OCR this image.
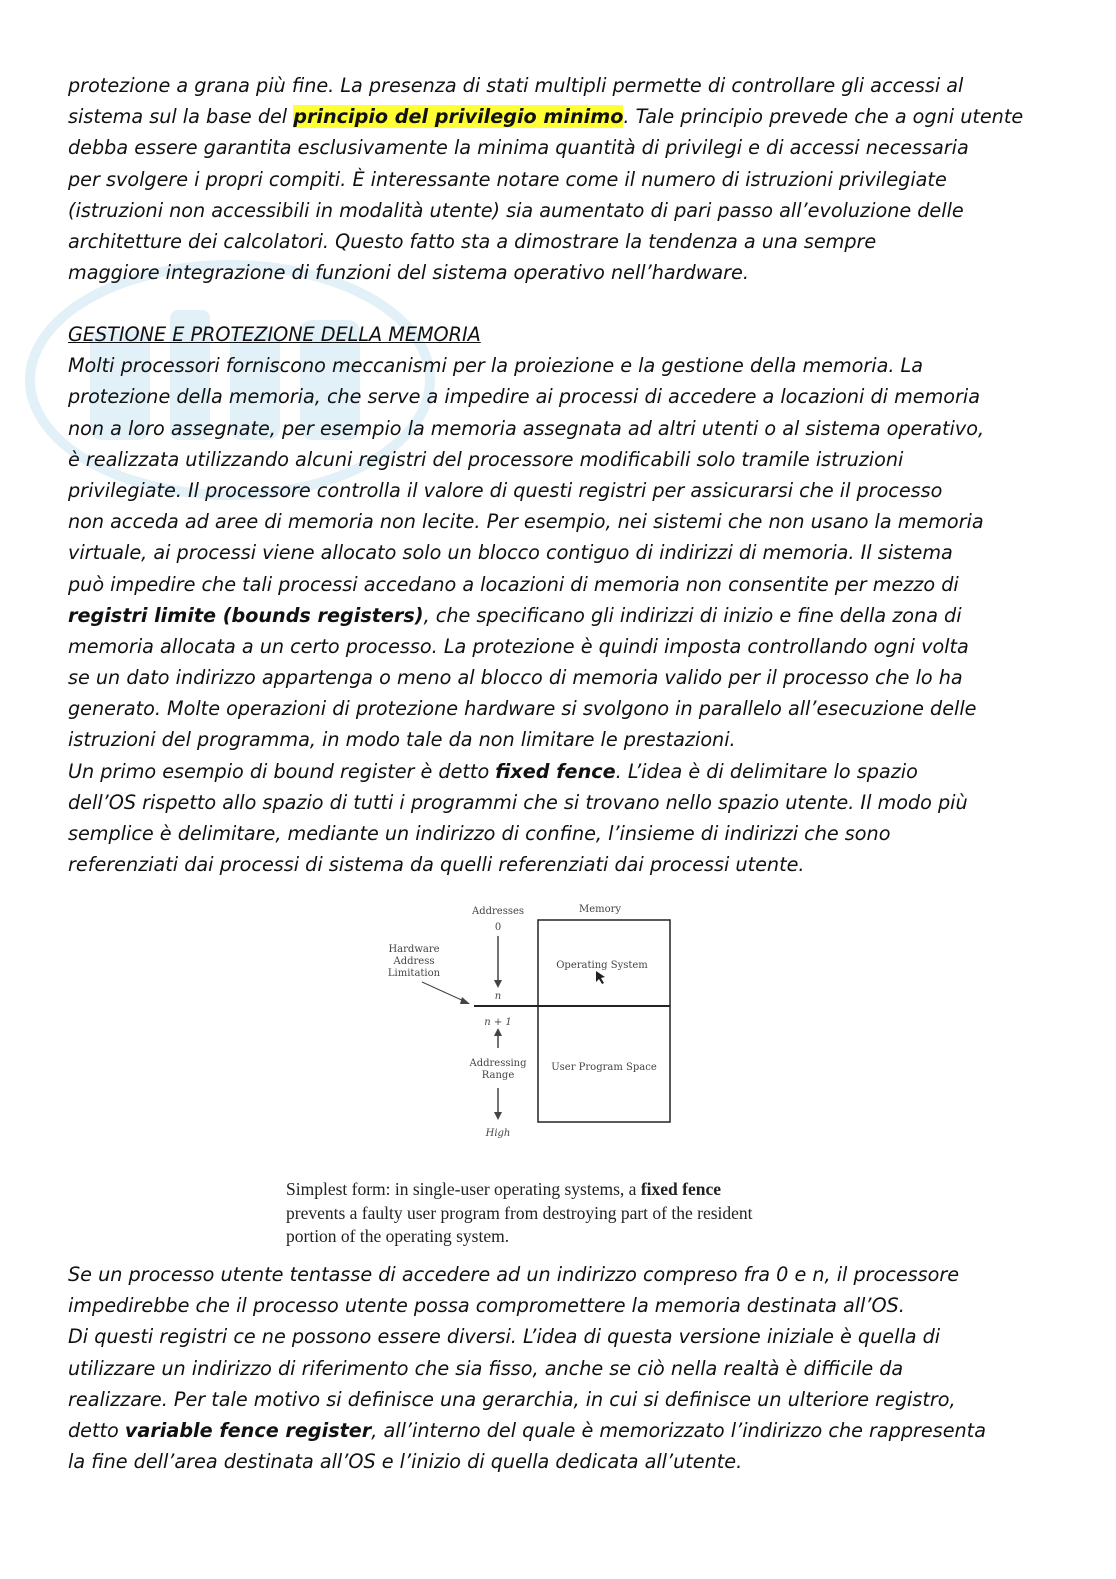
protezione a grana più fine. La presenza di stati multipli permette di controllare gli accessi al
sistema sul la base del principio del privilegio minimo. Tale principio prevede che a ogni utente
debba essere garantita esclusivamente la minima quantità di privilegi e di accessi necessaria
per svolgere i propri compiti. È interessante notare come il numero di istruzioni privilegiate
(istruzioni non accessibili in modalità utente) sia aumentato di pari passo all’evoluzione delle
architetture dei calcolatori. Questo fatto sta a dimostrare la tendenza a una sempre
maggiore integrazione di funzioni del sistema operativo nell’hardware.
GESTIONE E PROTEZIONE DELLA MEMORIA
Molti processori forniscono meccanismi per la proiezione e la gestione della memoria. La
protezione della memoria, che serve a impedire ai processi di accedere a locazioni di memoria
non a loro assegnate, per esempio la memoria assegnata ad altri utenti o al sistema operativo,
è realizzata utilizzando alcuni registri del processore modificabili solo tramile istruzioni
privilegiate. Il processore controlla il valore di questi registri per assicurarsi che il processo
non acceda ad aree di memoria non lecite. Per esempio, nei sistemi che non usano la memoria
virtuale, ai processi viene allocato solo un blocco contiguo di indirizzi di memoria. Il sistema
può impedire che tali processi accedano a locazioni di memoria non consentite per mezzo di
registri limite (bounds registers), che specificano gli indirizzi di inizio e fine della zona di
memoria allocata a un certo processo. La protezione è quindi imposta controllando ogni volta
se un dato indirizzo appartenga o meno al blocco di memoria valido per il processo che lo ha
generato. Molte operazioni di protezione hardware si svolgono in parallelo all’esecuzione delle
istruzioni del programma, in modo tale da non limitare le prestazioni.
Un primo esempio di bound register è detto fixed fence. L’idea è di delimitare lo spazio
dell’OS rispetto allo spazio di tutti i programmi che si trovano nello spazio utente. Il modo più
semplice è delimitare, mediante un indirizzo di confine, l’insieme di indirizzi che sono
referenziati dai processi di sistema da quelli referenziati dai processi utente.
Addresses	Memory
0
Hardware
Address
Limitation
n
n + 1
Addressing
Range
High
Operating System
User Program Space
Simplest form: in single-user operating systems, a fixed fence
prevents a faulty user program from destroying part of the resident
portion of the operating system.
Se un processo utente tentasse di accedere ad un indirizzo compreso fra 0 e n, il processore
impedirebbe che il processo utente possa compromettere la memoria destinata all’OS.
Di questi registri ce ne possono essere diversi. L’idea di questa versione iniziale è quella di
utilizzare un indirizzo di riferimento che sia fisso, anche se ciò nella realtà è difficile da
realizzare. Per tale motivo si definisce una gerarchia, in cui si definisce un ulteriore registro,
detto variable fence register, all’interno del quale è memorizzato l’indirizzo che rappresenta
la fine dell’area destinata all’OS e l’inizio di quella dedicata all’utente.
